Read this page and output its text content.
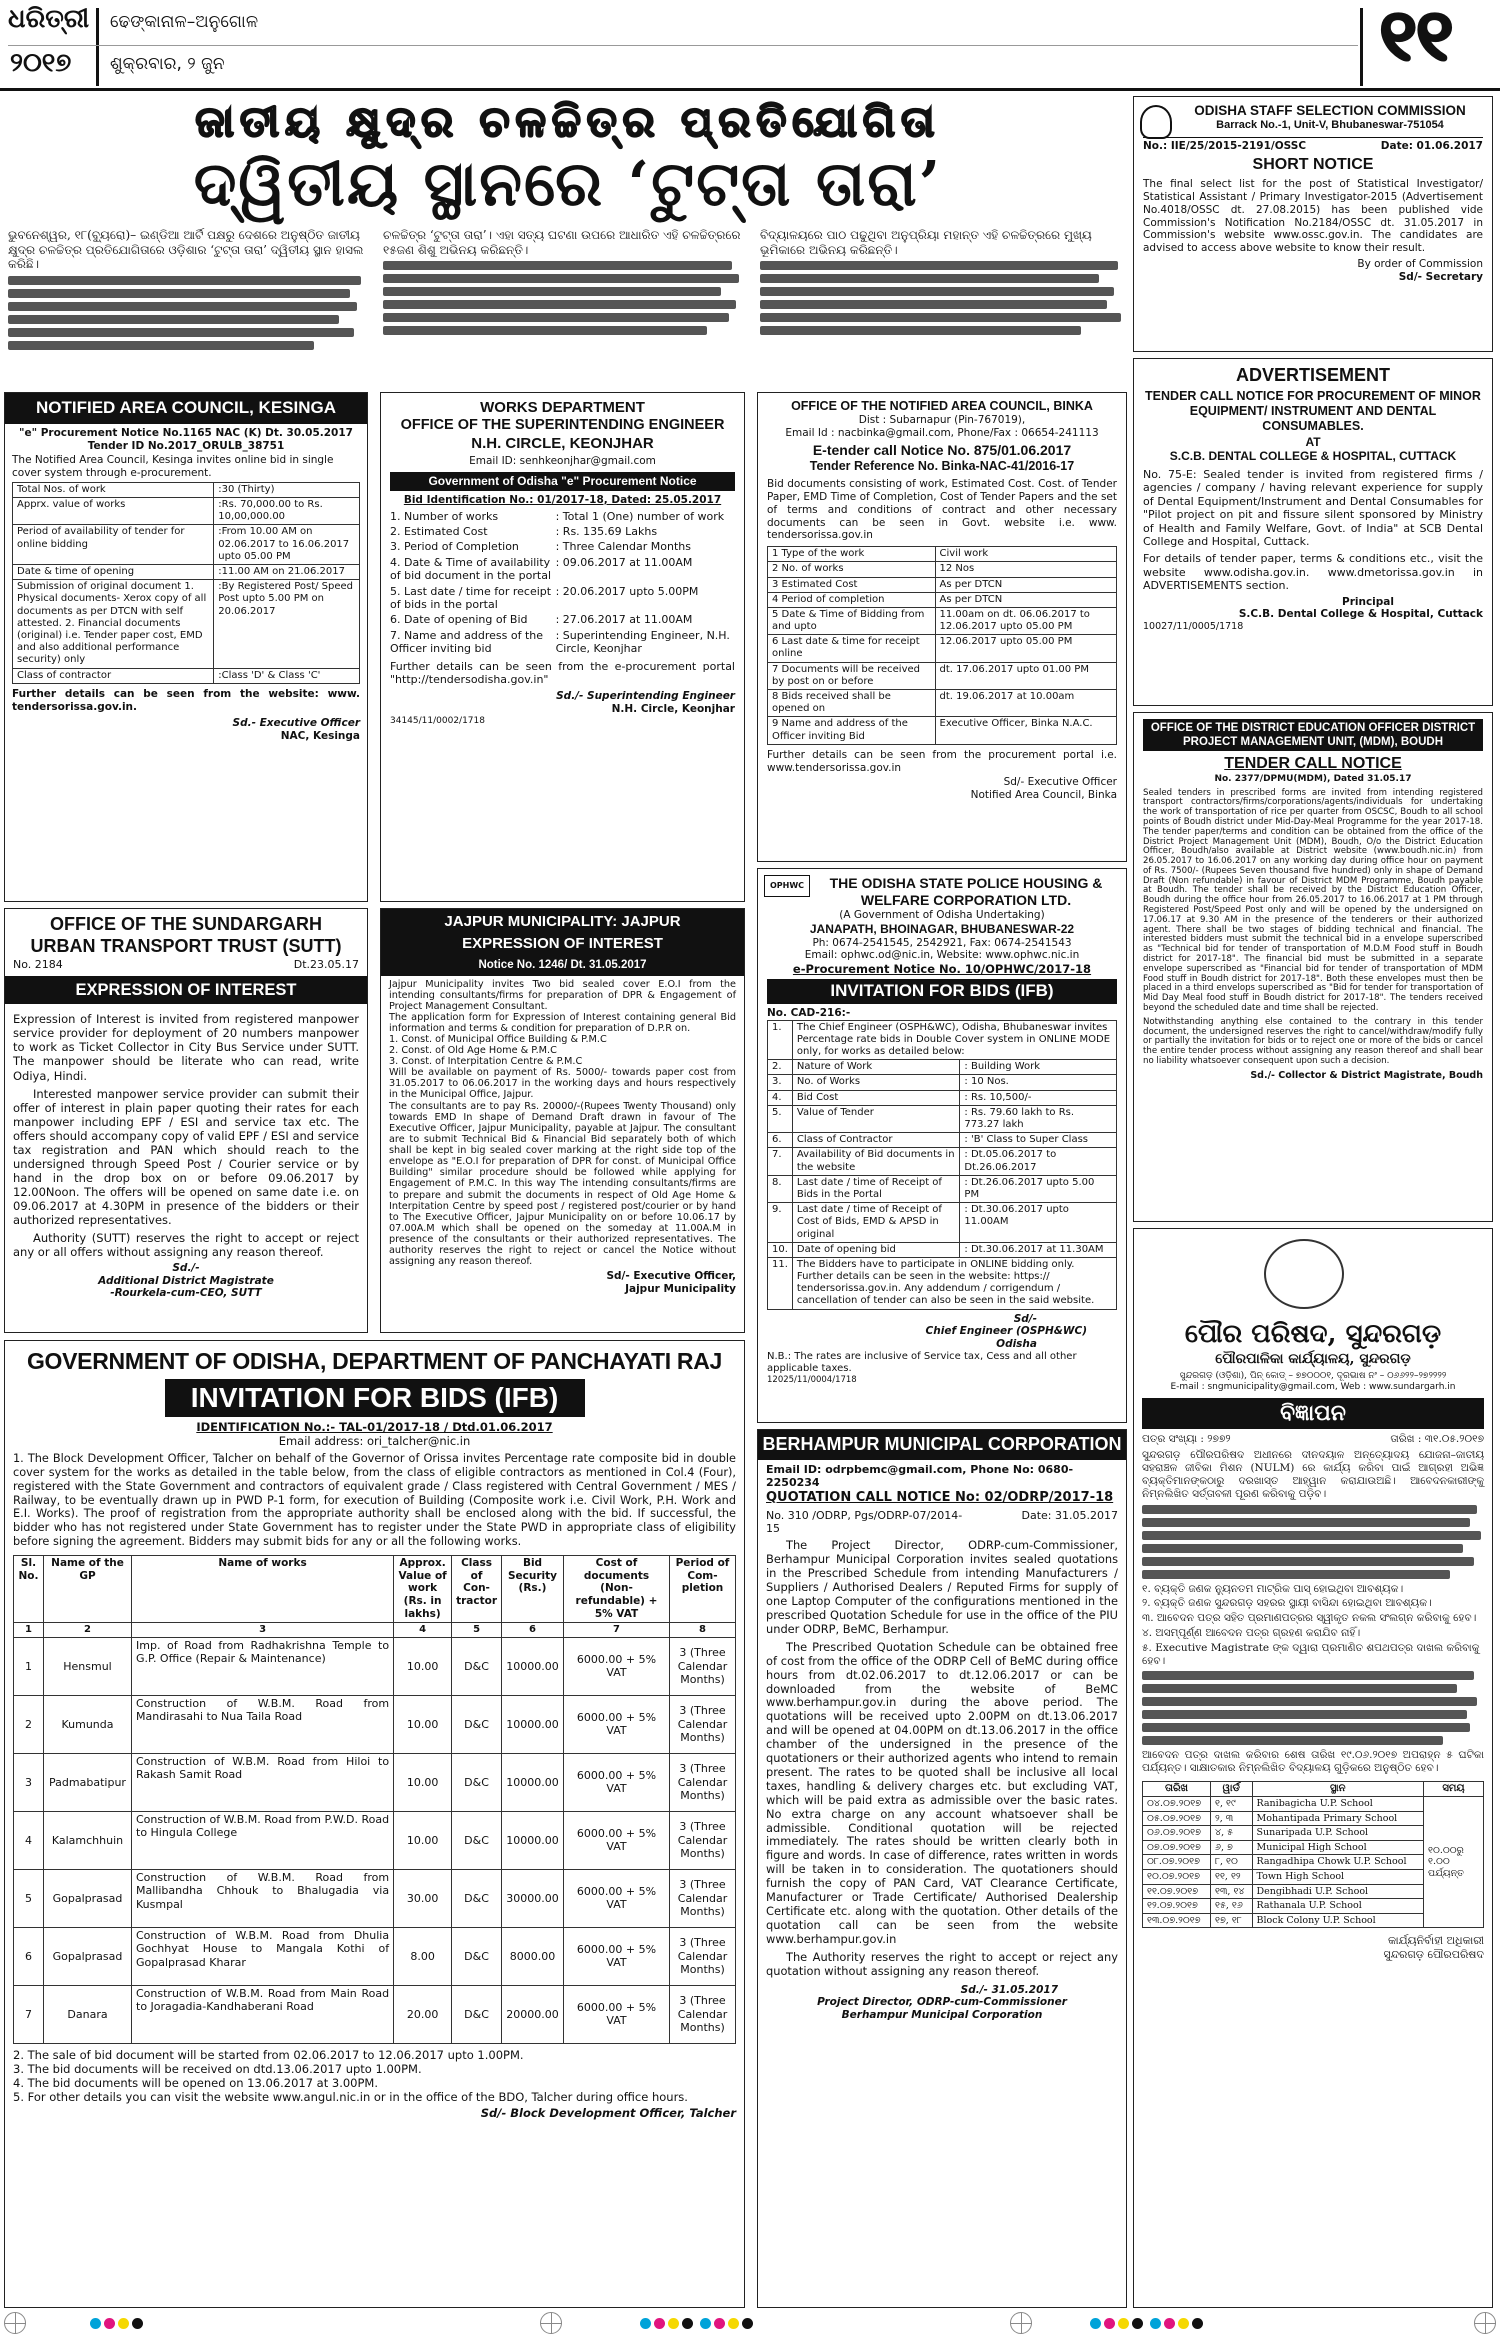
ଧରିତ୍ରୀ
୨୦୧୭
ଢେଙ୍କାନାଳ–ଅନୁଗୋଳ
ଶୁକ୍ରବାର, ୨ ଜୁନ	୧୧
ଜାତୀୟ କ୍ଷୁଦ୍ର ଚଳଚ୍ଚିତ୍ର ପ୍ରତିଯୋଗିତା
ଦ୍ୱିତୀୟ ସ୍ଥାନରେ ‘ଟୁଟ୍‌ତା ତାରା’

ଭୁବନେଶ୍ୱର, ୧୮(ବ୍ୟୁରୋ)– ଇଣ୍ଡିଆ ଆର୍ଟି ପକ୍ଷରୁ ଦେଶରେ ଅନୁଷ୍ଠିତ ଜାତୀୟ କ୍ଷୁଦ୍ର ଚଳଚ୍ଚିତ୍ର ପ୍ରତିଯୋଗିତାରେ ଓଡ଼ିଶାର ‘ଟୁଟ୍‌ତା ତାରା’ ଦ୍ୱିତୀୟ ସ୍ଥାନ ହାସଲ କରିଛି।

ଚଳଚ୍ଚିତ୍ର ‘ଟୁଟ୍‌ତା ତାରା’। ଏହା ସତ୍ୟ ଘଟଣା ଉପରେ ଆଧାରିତ ଏହି ଚଳଚ୍ଚିତ୍ରରେ ୧୫ଜଣ ଶିଶୁ ଅଭିନୟ କରିଛନ୍ତି।

ବିଦ୍ୟାଳୟରେ ପାଠ ପଢୁଥିବା ଅନୁପ୍ରିୟା ମହାନ୍ତ ଏହି ଚଳଚ୍ଚିତ୍ରରେ ମୁଖ୍ୟ ଭୂମିକାରେ ଅଭିନୟ କରିଛନ୍ତି।

ODISHA STAFF SELECTION COMMISSION
Barrack No.-1, Unit-V, Bhubaneswar-751054
No.: IIE/25/2015-2191/OSSC	Date: 01.06.2017
SHORT NOTICE

The final select list for the post of Statistical Investigator/ Statistical Assistant / Primary Investigator-2015 (Advertisement No.4018/OSSC dt. 27.08.2015) has been published vide Commission's Notification No.2184/OSSC dt. 31.05.2017 in Commission's website www.ossc.gov.in. The candidates are advised to access above website to know their result.

By order of Commission

Sd/- Secretary

ADVERTISEMENT
TENDER CALL NOTICE FOR PROCUREMENT OF MINOR EQUIPMENT/ INSTRUMENT AND DENTAL CONSUMABLES.
AT
S.C.B. DENTAL COLLEGE & HOSPITAL, CUTTACK

No. 75-E: Sealed tender is invited from registered firms / agencies / company / having relevant experience for supply of Dental Equipment/Instrument and Dental Consumables for "Pilot project on pit and fissure silent sponsored by Ministry of Health and Family Welfare, Govt. of India" at SCB Dental College and Hospital, Cuttack.

For details of tender paper, terms & conditions etc., visit the website www.odisha.gov.in. www.dmetorissa.gov.in in ADVERTISEMENTS section.

Principal

S.C.B. Dental College & Hospital, Cuttack

10027/11/0005/1718

OFFICE OF THE DISTRICT EDUCATION OFFICER DISTRICT PROJECT MANAGEMENT UNIT, (MDM), BOUDH
TENDER CALL NOTICE

No. 2377/DPMU(MDM), Dated 31.05.17

Sealed tenders in prescribed forms are invited from intending registered transport contractors/firms/corporations/agents/individuals for undertaking the work of transportation of rice per quarter from OSCSC, Boudh to all school points of Boudh district under Mid-Day-Meal Programme for the year 2017-18. The tender paper/terms and condition can be obtained from the office of the District Project Management Unit (MDM), Boudh, O/o the District Education Officer, Boudh/also available at District website (www.boudh.nic.in) from 26.05.2017 to 16.06.2017 on any working day during office hour on payment of Rs. 7500/- (Rupees Seven thousand five hundred) only in shape of Demand Draft (Non refundable) in favour of District MDM Programme, Boudh payable at Boudh. The tender shall be received by the District Education Officer, Boudh during the office hour from 26.05.2017 to 16.06.2017 at 1 PM through Registered Post/Speed Post only and will be opened by the undersigned on 17.06.17 at 9.30 AM in the presence of the tenderers or their authorized agent. There shall be two stages of bidding technical and financial. The interested bidders must submit the technical bid in a envelope superscribed as "Technical bid for tender of transportation of M.D.M Food stuff in Boudh district for 2017-18". The financial bid must be submitted in a separate envelope superscribed as "Financial bid for tender of transportation of MDM Food stuff in Boudh district for 2017-18". Both these envelopes must then be placed in a third envelops superscribed as "Bid for tender for transportation of Mid Day Meal food stuff in Boudh district for 2017-18". The tenders received beyond the scheduled date and time shall be rejected.

Notwithstanding anything else contained to the contrary in this tender document, the undersigned reserves the right to cancel/withdraw/modify fully or partially the invitation for bids or to reject one or more of the bids or cancel the entire tender process without assigning any reason thereof and shall bear no liability whatsoever consequent upon such a decision.

Sd./- Collector & District Magistrate, Boudh

ପୌର ପରିଷଦ, ସୁନ୍ଦରଗଡ଼
ପୌରପାଳିକା କାର୍ଯ୍ୟାଳୟ, ସୁନ୍ଦରଗଡ଼

ସୁନ୍ଦରଗଡ଼ (ଓଡ଼ିଶା), ପିନ୍ କୋଡ୍ – ୭୭୦୦୦୧, ଦୂରଭାଷ ନଂ – ୦୬୬୨୨–୨୭୨୨୨୨

E-mail : sngmunicipality@gmail.com, Web : www.sundargarh.in

ବିଜ୍ଞାପନ
ପତ୍ର ସଂଖ୍ୟା : ୨୭୭୨	ତାରିଖ : ୩୧.୦୫.୨୦୧୭

ସୁନ୍ଦରଗଡ଼ ପୌରପରିଷଦ ଅଧୀନରେ ଦୀନଦୟାଳ ଅନ୍ତ୍ୟୋଦୟ ଯୋଜନା–ଜାତୀୟ ସହରାଞ୍ଚଳ ଜୀବିକା ମିଶନ (NULM) ରେ କାର୍ଯ୍ୟ କରିବା ପାଇଁ ଆଗ୍ରହୀ ଅଭିଜ୍ଞ ବ୍ୟକ୍ତିମାନଙ୍କଠାରୁ ଦରଖାସ୍ତ ଆହ୍ୱାନ କରାଯାଉଅଛି। ଆବେଦନକାରୀଙ୍କୁ ନିମ୍ନଲିଖିତ ସର୍ତ୍ତାବଳୀ ପୂରଣ କରିବାକୁ ପଡ଼ିବ।

୧. ବ୍ୟକ୍ତି ଜଣକ ନ୍ୟୁନତମ ମାଟ୍ରିକ ପାସ୍ ହୋଇଥିବା ଆବଶ୍ୟକ।

୨. ବ୍ୟକ୍ତି ଜଣକ ସୁନ୍ଦରଗଡ଼ ସହରର ସ୍ଥାୟୀ ବାସିନ୍ଦା ହୋଇଥିବା ଆବଶ୍ୟକ।

୩. ଆବେଦନ ପତ୍ର ସହିତ ପ୍ରମାଣପତ୍ରର ସ୍ୱୀକୃତ ନକଲ ସଂଲଗ୍ନ କରିବାକୁ ହେବ।

୪. ଅସମ୍ପୂର୍ଣ୍ଣ ଆବେଦନ ପତ୍ର ଗ୍ରହଣ କରାଯିବ ନାହିଁ।

୫. Executive Magistrate ଙ୍କ ଦ୍ୱାରା ପ୍ରମାଣିତ ଶପଥପତ୍ର ଦାଖଲ କରିବାକୁ ହେବ।

ଆବେଦନ ପତ୍ର ଦାଖଲ କରିବାର ଶେଷ ତାରିଖ ୧୯.୦୬.୨୦୧୭ ଅପରାହ୍ନ ୫ ଘଟିକା ପର୍ଯ୍ୟନ୍ତ। ସାକ୍ଷାତକାର ନିମ୍ନଲିଖିତ ବିଦ୍ୟାଳୟ ଗୁଡ଼ିକରେ ଅନୁଷ୍ଠିତ ହେବ।

ତାରିଖ	ୱାର୍ଡ	ସ୍ଥାନ	ସମୟ
୦୪.୦୭.୨୦୧୭	୧, ୧୯	Ranibagicha U.P. School	୧୦.୦୦ରୁ ୧.୦୦ ପର୍ଯ୍ୟନ୍ତ
୦୫.୦୭.୨୦୧୭	୨, ୩	Mohantipada Primary School	
୦୬.୦୭.୨୦୧୭	୪, ୫	Sunaripada U.P. School	
୦୭.୦୭.୨୦୧୭	୬, ୭	Municipal High School	
୦୮.୦୭.୨୦୧୭	୮, ୧୦	Rangadhipa Chowk U.P. School	
୧୦.୦୭.୨୦୧୭	୧୧, ୧୨	Town High School	
୧୧.୦୭.୨୦୧୭	୧୩, ୧୪	Dengibhadi U.P. School	
୧୨.୦୭.୨୦୧୭	୧୫, ୧୬	Rathanala U.P. School	
୧୩.୦୭.୨୦୧୭	୧୭, ୧୮	Block Colony U.P. School	

କାର୍ଯ୍ୟନିର୍ବାହୀ ଅଧିକାରୀ

ସୁନ୍ଦରଗଡ଼ ପୌରପରିଷଦ

NOTIFIED AREA COUNCIL, KESINGA

"e" Procurement Notice No.1165 NAC (K) Dt. 30.05.2017

Tender ID No.2017_ORULB_38751

The Notified Area Council, Kesinga invites online bid in single cover system through e-procurement.

Total Nos. of work	:30 (Thirty)
Apprx. value of works	:Rs. 70,000.00 to Rs. 10,00,000.00
Period of availability of tender for online bidding	:From 10.00 AM on 02.06.2017 to 16.06.2017 upto 05.00 PM
Date & time of opening	:11.00 AM on 21.06.2017
Submission of original document 1. Physical documents- Xerox copy of all documents as per DTCN with self attested. 2. Financial documents (original) i.e. Tender paper cost, EMD and also additional performance security) only	:By Registered Post/ Speed Post upto 5.00 PM on 20.06.2017
Class of contractor	:Class 'D' & Class 'C'

Further details can be seen from the website: www. tendersorissa.gov.in.

Sd.- Executive Officer

NAC, Kesinga

WORKS DEPARTMENT
OFFICE OF THE SUPERINTENDING ENGINEER
N.H. CIRCLE, KEONJHAR

Email ID: senhkeonjhar@gmail.com

Government of Odisha "e" Procurement Notice

Bid Identification No.: 01/2017-18, Dated: 25.05.2017

1. Number of works	: Total 1 (One) number of work
2. Estimated Cost	: Rs. 135.69 Lakhs
3. Period of Completion	: Three Calendar Months
4. Date & Time of availability of bid document in the portal
: 09.06.2017 at 11.00AM
5. Last date / time for receipt of bids in the portal
: 20.06.2017 upto 5.00PM
6. Date of opening of Bid	: 27.06.2017 at 11.00AM
7. Name and address of the Officer inviting bid
: Superintending Engineer, N.H. Circle, Keonjhar

Further details can be seen from the e-procurement portal "http://tendersodisha.gov.in"

Sd./- Superintending Engineer

N.H. Circle, Keonjhar

34145/11/0002/1718

OFFICE OF THE NOTIFIED AREA COUNCIL, BINKA

Dist : Subarnapur (Pin-767019),

Email Id : nacbinka@gmail.com, Phone/Fax : 06654-241113

E-tender call Notice No. 875/01.06.2017
Tender Reference No. Binka-NAC-41/2016-17

Bid documents consisting of work, Estimated Cost. Cost. of Tender Paper, EMD Time of Completion, Cost of Tender Papers and the set of terms and conditions of contract and other necessary documents can be seen in Govt. website i.e. www. tendersorissa.gov.in

1 Type of the work	Civil work
2 No. of works	12 Nos
3 Estimated Cost	As per DTCN
4 Period of completion	As per DTCN
5 Date & Time of Bidding from and upto	11.00am on dt. 06.06.2017 to 12.06.2017 upto 05.00 PM
6 Last date & time for receipt online	12.06.2017 upto 05.00 PM
7 Documents will be received by post on or before	dt. 17.06.2017 upto 01.00 PM
8 Bids received shall be opened on	dt. 19.06.2017 at 10.00am
9 Name and address of the Officer inviting Bid	Executive Officer, Binka N.A.C.

Further details can be seen from the procurement portal i.e. www.tendersorissa.gov.in

Sd/- Executive Officer

Notified Area Council, Binka

OFFICE OF THE SUNDARGARH
URBAN TRANSPORT TRUST (SUTT)
No. 2184	Dt.23.05.17
EXPRESSION OF INTEREST

Expression of Interest is invited from registered manpower service provider for deployment of 20 numbers manpower to work as Ticket Collector in City Bus Service under SUTT. The manpower should be literate who can read, write Odiya, Hindi.

Interested manpower service provider can submit their offer of interest in plain paper quoting their rates for each manpower including EPF / ESI and service tax etc. The offers should accompany copy of valid EPF / ESI and service tax registration and PAN which should reach to the undersigned through Speed Post / Courier service or by hand in the drop box on or before 09.06.2017 by 12.00Noon. The offers will be opened on same date i.e. on 09.06.2017 at 4.30PM in presence of the bidders or their authorized representatives.

Authority (SUTT) reserves the right to accept or reject any or all offers without assigning any reason thereof.

Sd./-

Additional District Magistrate

-Rourkela-cum-CEO, SUTT

JAJPUR MUNICIPALITY: JAJPUR
EXPRESSION OF INTEREST
Notice No. 1246/ Dt. 31.05.2017

Jajpur Municipality invites Two bid sealed cover E.O.I from the intending consultants/firms for preparation of DPR & Engagement of Project Management Consultant.

The application form for Expression of Interest containing general Bid information and terms & condition for preparation of D.P.R on.

1. Const. of Municipal Office Building & P.M.C

2. Const. of Old Age Home & P.M.C

3. Const. of Interpitation Centre & P.M.C

Will be available on payment of Rs. 5000/- towards paper cost from 31.05.2017 to 06.06.2017 in the working days and hours respectively in the Municipal Office, Jajpur.

The consultants are to pay Rs. 20000/-(Rupees Twenty Thousand) only towards EMD In shape of Demand Draft drawn in favour of The Executive Officer, Jajpur Municipality, payable at Jajpur. The consultant are to submit Technical Bid & Financial Bid separately both of which shall be kept in big sealed cover marking at the right side top of the envelope as "E.O.I for preparation of DPR for const. of Municipal Office Building" similar procedure should be followed while applying for Engagement of P.M.C. In this way The intending consultants/firms are to prepare and submit the documents in respect of Old Age Home & Interpitation Centre by speed post / registered post/courier or by hand to The Executive Officer, Jajpur Municipality on or before 10.06.17 by 07.00A.M which shall be opened on the someday at 11.00A.M in presence of the consultants or their authorized representatives. The authority reserves the right to reject or cancel the Notice without assigning any reason thereof.

Sd/- Executive Officer,

Jajpur Municipality

OPHWC	THE ODISHA STATE POLICE HOUSING & WELFARE CORPORATION LTD.

(A Government of Odisha Undertaking)

JANAPATH, BHOINAGAR, BHUBANESWAR-22

Ph: 0674-2541545, 2542921, Fax: 0674-2541543

Email: ophwc.od@nic.in, Website: www.ophwc.nic.in

e-Procurement Notice No. 10/OPHWC/2017-18

INVITATION FOR BIDS (IFB)

No. CAD-216:-

1.	The Chief Engineer (OSPH&WC), Odisha, Bhubaneswar invites Percentage rate bids in Double Cover system in ONLINE MODE only, for works as detailed below:	
2.	Nature of Work	: Building Work
3.	No. of Works	: 10 Nos.
4.	Bid Cost	: Rs. 10,500/-
5.	Value of Tender	: Rs. 79.60 lakh to Rs. 773.27 lakh
6.	Class of Contractor	: 'B' Class to Super Class
7.	Availability of Bid documents in the website	: Dt.05.06.2017 to Dt.26.06.2017
8.	Last date / time of Receipt of Bids in the Portal	: Dt.26.06.2017 upto 5.00 PM
9.	Last date / time of Receipt of Cost of Bids, EMD & APSD in original	: Dt.30.06.2017 upto 11.00AM
10.	Date of opening bid	: Dt.30.06.2017 at 11.30AM
11.	The Bidders have to participate in ONLINE bidding only. Further details can be seen in the website: https:// tendersorissa.gov.in. Any addendum / corrigendum / cancellation of tender can also be seen in the said website.	

Sd/-

Chief Engineer (OSPH&WC)

Odisha

N.B.: The rates are inclusive of Service tax, Cess and all other applicable taxes.

12025/11/0004/1718

GOVERNMENT OF ODISHA, DEPARTMENT OF PANCHAYATI RAJ
INVITATION FOR BIDS (IFB)

IDENTIFICATION No.:- TAL-01/2017-18 / Dtd.01.06.2017

Email address: ori_talcher@nic.in

1. The Block Development Officer, Talcher on behalf of the Governor of Orissa invites Percentage rate composite bid in double cover system for the works as detailed in the table below, from the class of eligible contractors as mentioned in Col.4 (Four), registered with the State Government and contractors of equivalent grade / Class registered with Central Government / MES / Railway, to be eventually drawn up in PWD P-1 form, for execution of Building (Composite work i.e. Civil Work, P.H. Work and E.I. Works). The proof of registration from the appropriate authority shall be enclosed along with the bid. If successful, the bidder who has not registered under State Government has to register under the State PWD in appropriate class of eligibility before signing the agreement. Bidders may submit bids for any or all the following works.

Sl. No.	Name of the GP	Name of works	Approx. Value of work (Rs. in lakhs)	Class of Con-tractor	Bid Security (Rs.)	Cost of documents (Non-refundable) + 5% VAT	Period of Com-pletion
1	2	3	4	5	6	7	8
1	Hensmul	Imp. of Road from Radhakrishna Temple to G.P. Office (Repair & Maintenance)	10.00	D&C	10000.00	6000.00 + 5% VAT	3 (Three Calendar Months)
2	Kumunda	Construction of W.B.M. Road from Mandirasahi to Nua Taila Road	10.00	D&C	10000.00	6000.00 + 5% VAT	3 (Three Calendar Months)
3	Padmabatipur	Construction of W.B.M. Road from Hiloi to Rakash Samit Road	10.00	D&C	10000.00	6000.00 + 5% VAT	3 (Three Calendar Months)
4	Kalamchhuin	Construction of W.B.M. Road from P.W.D. Road to Hingula College	10.00	D&C	10000.00	6000.00 + 5% VAT	3 (Three Calendar Months)
5	Gopalprasad	Construction of W.B.M. Road from Mallibandha Chhouk to Bhalugadia via Kusmpal	30.00	D&C	30000.00	6000.00 + 5% VAT	3 (Three Calendar Months)
6	Gopalprasad	Construction of W.B.M. Road from Dhulia Gochhyat House to Mangala Kothi of Gopalprasad Kharar	8.00	D&C	8000.00	6000.00 + 5% VAT	3 (Three Calendar Months)
7	Danara	Construction of W.B.M. Road from Main Road to Joragadia-Kandhaberani Road	20.00	D&C	20000.00	6000.00 + 5% VAT	3 (Three Calendar Months)

2. The sale of bid document will be started from 02.06.2017 to 12.06.2017 upto 1.00PM.

3. The bid documents will be received on dtd.13.06.2017 upto 1.00PM.

4. The bid documents will be opened on 13.06.2017 at 3.00PM.

5. For other details you can visit the website www.angul.nic.in or in the office of the BDO, Talcher during office hours.

Sd/- Block Development Officer, Talcher

BERHAMPUR MUNICIPAL CORPORATION

Email ID: odrpbemc@gmail.com, Phone No: 0680-2250234

QUOTATION CALL NOTICE No: 02/ODRP/2017-18

No. 310 /ODRP, Pgs/ODRP-07/2014-15
Date: 31.05.2017

The Project Director, ODRP-cum-Commissioner, Berhampur Municipal Corporation invites sealed quotations in the Prescribed Schedule from intending Manufacturers / Suppliers / Authorised Dealers / Reputed Firms for supply of one Laptop Computer of the configurations mentioned in the prescribed Quotation Schedule for use in the office of the PIU under ODRP, BeMC, Berhampur.

The Prescribed Quotation Schedule can be obtained free of cost from the office of the ODRP Cell of BeMC during office hours from dt.02.06.2017 to dt.12.06.2017 or can be downloaded from the website of BeMC www.berhampur.gov.in during the above period. The quotations will be received upto 2.00PM on dt.13.06.2017 and will be opened at 04.00PM on dt.13.06.2017 in the office chamber of the undersigned in the presence of the quotationers or their authorized agents who intend to remain present. The rates to be quoted shall be inclusive all local taxes, handling & delivery charges etc. but excluding VAT, which will be paid extra as admissible over the basic rates. No extra charge on any account whatsoever shall be admissible. Conditional quotation will be rejected immediately. The rates should be written clearly both in figure and words. In case of difference, rates written in words will be taken in to consideration. The quotationers should furnish the copy of PAN Card, VAT Clearance Certificate, Manufacturer or Trade Certificate/ Authorised Dealership Certificate etc. along with the quotation. Other details of the quotation call can be seen from the website www.berhampur.gov.in

The Authority reserves the right to accept or reject any quotation without assigning any reason thereof.

Sd./- 31.05.2017

Project Director, ODRP-cum-Commissioner

Berhampur Municipal Corporation
